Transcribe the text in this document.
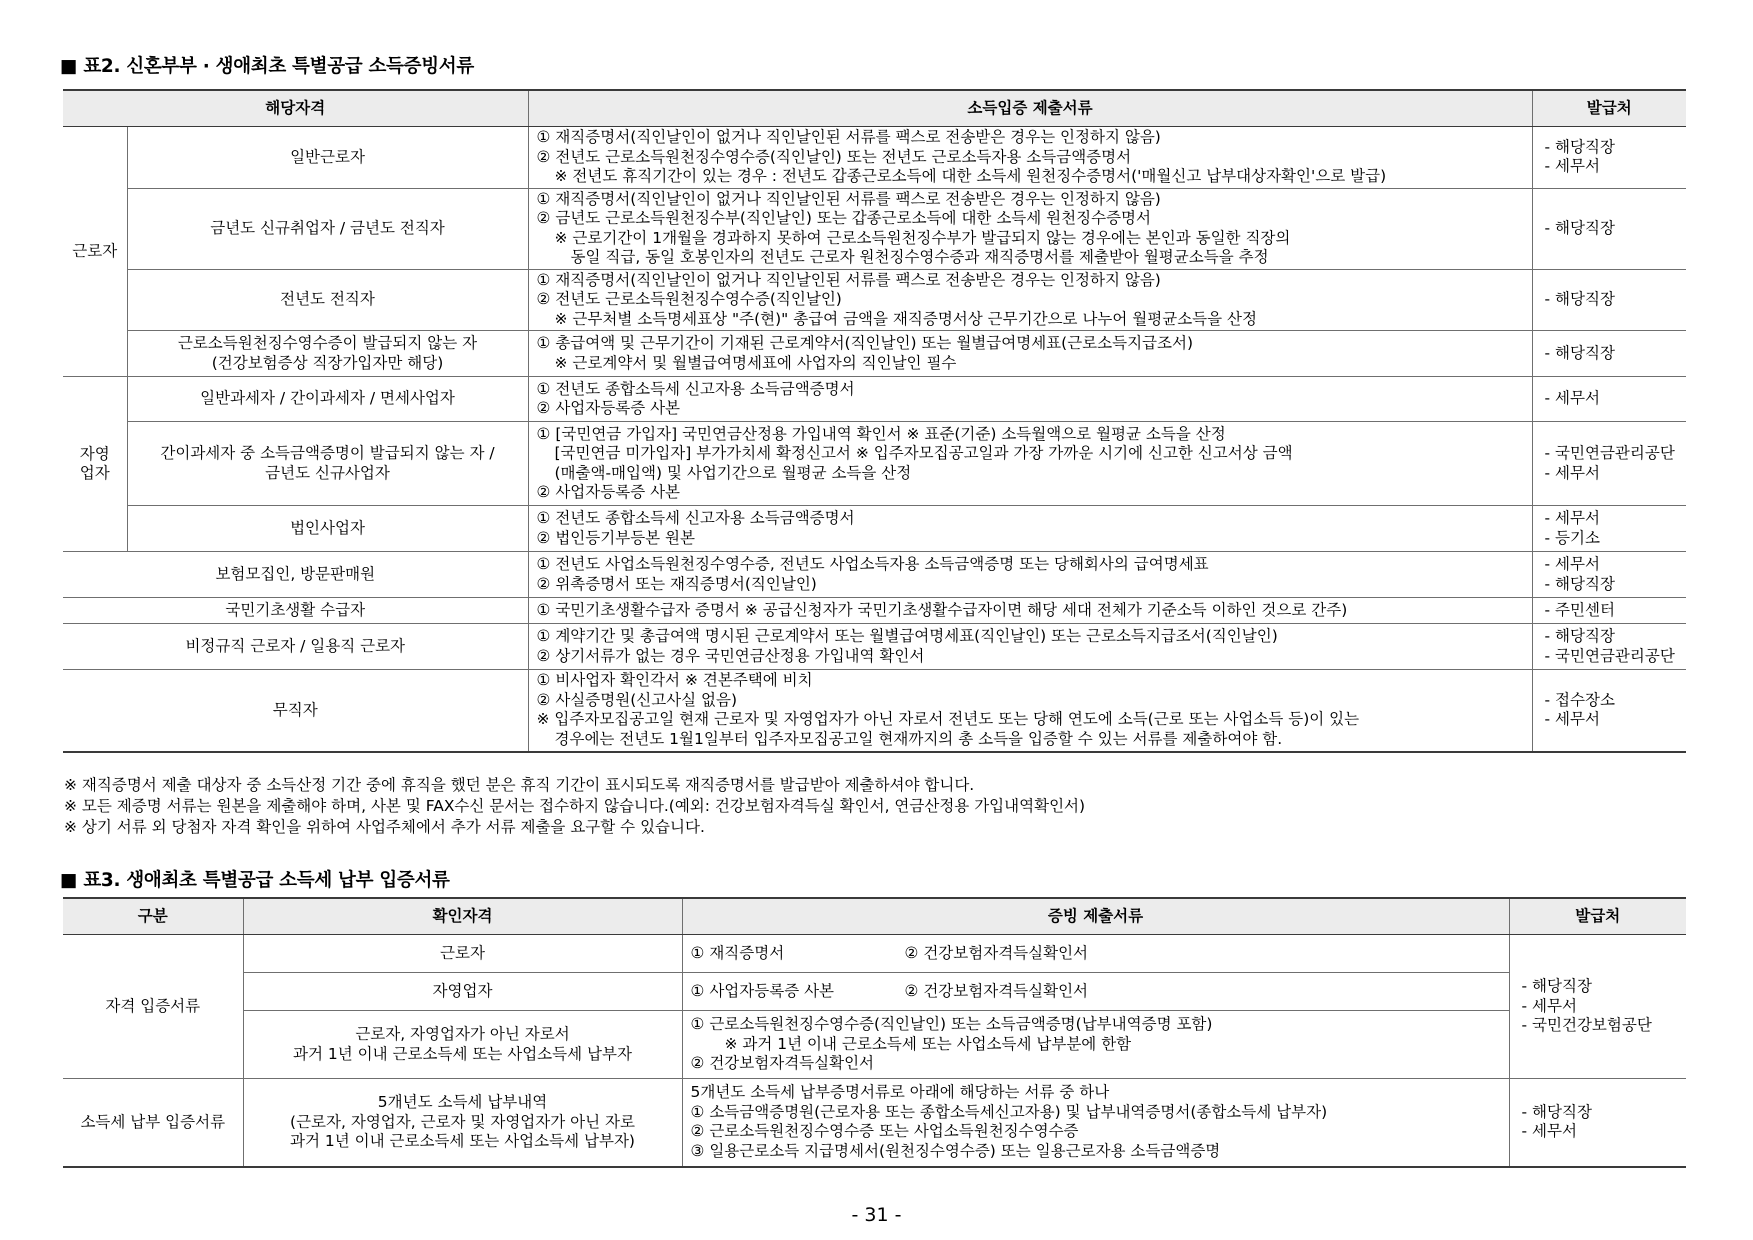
■ 표2. 신혼부부 · 생애최초 특별공급 소득증빙서류
해당자격		소득입증 제출서류	발급처
근로자	일반근로자	① 재직증명서(직인날인이 없거나 직인날인된 서류를 팩스로 전송받은 경우는 인정하지 않음)
② 전년도 근로소득원천징수영수증(직인날인) 또는 전년도 근로소득자용 소득금액증명서
※ 전년도 휴직기간이 있는 경우 : 전년도 갑종근로소득에 대한 소득세 원천징수증명서('매월신고 납부대상자확인'으로 발급)	- 해당직장
- 세무서

	금년도 신규취업자 / 금년도 전직자	① 재직증명서(직인날인이 없거나 직인날인된 서류를 팩스로 전송받은 경우는 인정하지 않음)
② 금년도 근로소득원천징수부(직인날인) 또는 갑종근로소득에 대한 소득세 원천징수증명서
※ 근로기간이 1개월을 경과하지 못하여 근로소득원천징수부가 발급되지 않는 경우에는 본인과 동일한 직장의
동일 직급, 동일 호봉인자의 전년도 근로자 원천징수영수증과 재직증명서를 제출받아 월평균소득을 추정	- 해당직장

	전년도 전직자	① 재직증명서(직인날인이 없거나 직인날인된 서류를 팩스로 전송받은 경우는 인정하지 않음)
② 전년도 근로소득원천징수영수증(직인날인)
※ 근무처별 소득명세표상 "주(현)" 총급여 금액을 재직증명서상 근무기간으로 나누어 월평균소득을 산정	- 해당직장

	근로소득원천징수영수증이 발급되지 않는 자
(건강보험증상 직장가입자만 해당)	① 총급여액 및 근무기간이 기재된 근로계약서(직인날인) 또는 월별급여명세표(근로소득지급조서)
※ 근로계약서 및 월별급여명세표에 사업자의 직인날인 필수	- 해당직장

자영
업자	일반과세자 / 간이과세자 / 면세사업자	① 전년도 종합소득세 신고자용 소득금액증명서
② 사업자등록증 사본	- 세무서

	간이과세자 중 소득금액증명이 발급되지 않는 자 /
금년도 신규사업자	① [국민연금 가입자] 국민연금산정용 가입내역 확인서 ※ 표준(기준) 소득월액으로 월평균 소득을 산정
[국민연금 미가입자] 부가가치세 확정신고서 ※ 입주자모집공고일과 가장 가까운 시기에 신고한 신고서상 금액
(매출액-매입액) 및 사업기간으로 월평균 소득을 산정
② 사업자등록증 사본	- 국민연금관리공단
- 세무서

	법인사업자	① 전년도 종합소득세 신고자용 소득금액증명서
② 법인등기부등본 원본	- 세무서
- 등기소

보험모집인, 방문판매원		① 전년도 사업소득원천징수영수증, 전년도 사업소득자용 소득금액증명 또는 당해회사의 급여명세표
② 위촉증명서 또는 재직증명서(직인날인)	- 세무서
- 해당직장

국민기초생활 수급자		① 국민기초생활수급자 증명서 ※ 공급신청자가 국민기초생활수급자이면 해당 세대 전체가 기준소득 이하인 것으로 간주)	- 주민센터

비정규직 근로자 / 일용직 근로자		① 계약기간 및 총급여액 명시된 근로계약서 또는 월별급여명세표(직인날인) 또는 근로소득지급조서(직인날인)
② 상기서류가 없는 경우 국민연금산정용 가입내역 확인서	- 해당직장
- 국민연금관리공단

무직자		① 비사업자 확인각서 ※ 견본주택에 비치
② 사실증명원(신고사실 없음)
※ 입주자모집공고일 현재 근로자 및 자영업자가 아닌 자로서 전년도 또는 당해 연도에 소득(근로 또는 사업소득 등)이 있는
경우에는 전년도 1월1일부터 입주자모집공고일 현재까지의 총 소득을 입증할 수 있는 서류를 제출하여야 함.	- 접수장소
- 세무서
※ 재직증명서 제출 대상자 중 소득산정 기간 중에 휴직을 했던 분은 휴직 기간이 표시되도록 재직증명서를 발급받아 제출하셔야 합니다.
※ 모든 제증명 서류는 원본을 제출해야 하며, 사본 및 FAX수신 문서는 접수하지 않습니다.(예외: 건강보험자격득실 확인서, 연금산정용 가입내역확인서)
※ 상기 서류 외 당첨자 자격 확인을 위하여 사업주체에서 추가 서류 제출을 요구할 수 있습니다.
■ 표3. 생애최초 특별공급 소득세 납부 입증서류
구분	확인자격	증빙 제출서류	발급처
자격 입증서류	근로자	① 재직증명서 ② 건강보험자격득실확인서	- 해당직장
- 세무서
- 국민건강보험공단

	자영업자	① 사업자등록증 사본 ② 건강보험자격득실확인서	
	근로자, 자영업자가 아닌 자로서
과거 1년 이내 근로소득세 또는 사업소득세 납부자	① 근로소득원천징수영수증(직인날인) 또는 소득금액증명(납부내역증명 포함)
※ 과거 1년 이내 근로소득세 또는 사업소득세 납부분에 한함
② 건강보험자격득실확인서	

소득세 납부 입증서류	5개년도 소득세 납부내역
(근로자, 자영업자, 근로자 및 자영업자가 아닌 자로
과거 1년 이내 근로소득세 또는 사업소득세 납부자)	5개년도 소득세 납부증명서류로 아래에 해당하는 서류 중 하나
① 소득금액증명원(근로자용 또는 종합소득세신고자용) 및 납부내역증명서(종합소득세 납부자)
② 근로소득원천징수영수증 또는 사업소득원천징수영수증
③ 일용근로소득 지급명세서(원천징수영수증) 또는 일용근로자용 소득금액증명	- 해당직장
- 세무서
- 31 -
